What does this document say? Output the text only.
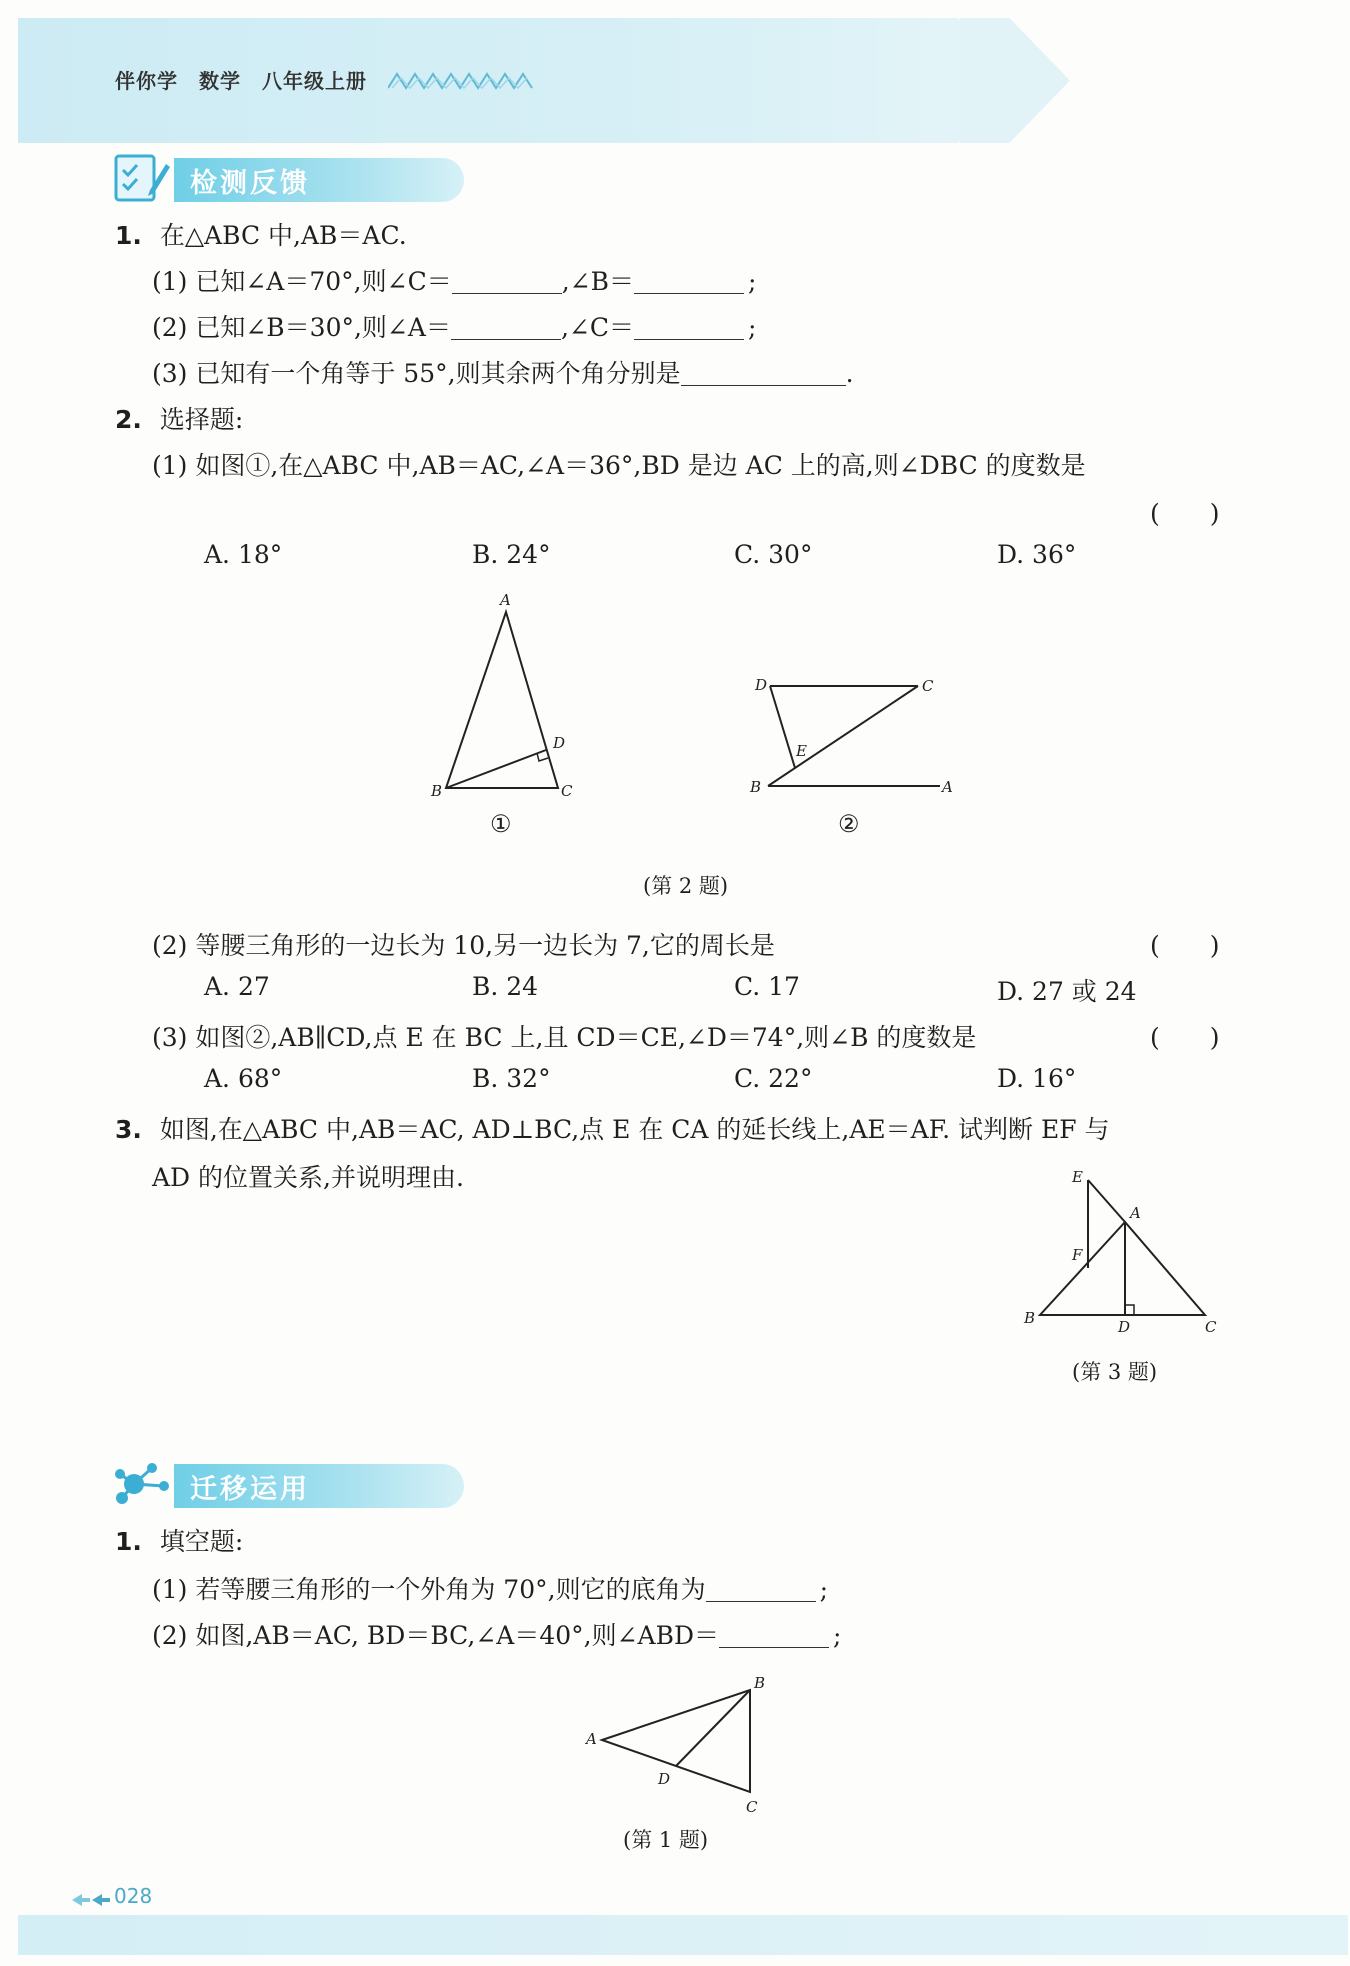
伴你学　数学　八年级上册
检测反馈
1. 在△ABC 中,AB＝AC.
(1) 已知∠A＝70°,则∠C＝	,∠B＝	;
(2) 已知∠B＝30°,则∠A＝	,∠C＝	;
(3) 已知有一个角等于 55°,则其余两个角分别是	.
2. 选择题:
(1) 如图①,在△ABC 中,AB＝AC,∠A＝36°,BD 是边 AC 上的高,则∠DBC 的度数是
(　　)
A. 18°	B. 24°	C. 30°	D. 36°
A
B	C
D
①
D	C
E
B	A
②
(第 2 题)
(2) 等腰三角形的一边长为 10,另一边长为 7,它的周长是	(　　)
A. 27	B. 24	C. 17	D. 27 或 24
(3) 如图②,AB∥CD,点 E 在 BC 上,且 CD＝CE,∠D＝74°,则∠B 的度数是	(　　)
A. 68°	B. 32°	C. 22°	D. 16°
3. 如图,在△ABC 中,AB＝AC, AD⊥BC,点 E 在 CA 的延长线上,AE＝AF. 试判断 EF 与
AD 的位置关系,并说明理由.	E
A
F
B	D	C
(第 3 题)
迁移运用
1. 填空题:
(1) 若等腰三角形的一个外角为 70°,则它的底角为	;
(2) 如图,AB＝AC, BD＝BC,∠A＝40°,则∠ABD＝	;
B
A
D
C
(第 1 题)
028
